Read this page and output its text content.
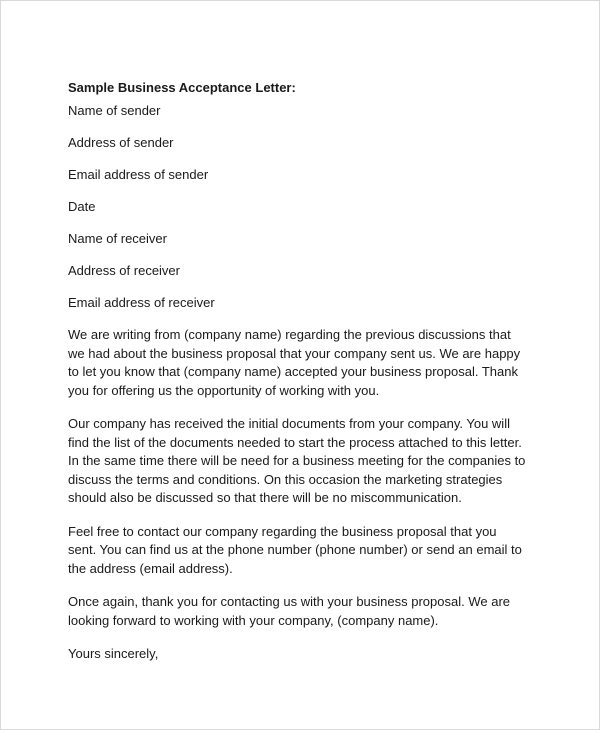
Sample Business Acceptance Letter:
Name of sender
Address of sender
Email address of sender
Date
Name of receiver
Address of receiver
Email address of receiver

We are writing from (company name) regarding the previous discussions that we had about the business proposal that your company sent us. We are happy to let you know that (company name) accepted your business proposal. Thank you for offering us the opportunity of working with you.

Our company has received the initial documents from your company. You will find the list of the documents needed to start the process attached to this letter. In the same time there will be need for a business meeting for the companies to discuss the terms and conditions. On this occasion the marketing strategies should also be discussed so that there will be no miscommunication.

Feel free to contact our company regarding the business proposal that you sent. You can find us at the phone number (phone number) or send an email to the address (email address).

Once again, thank you for contacting us with your business proposal. We are looking forward to working with your company, (company name).

Yours sincerely,
